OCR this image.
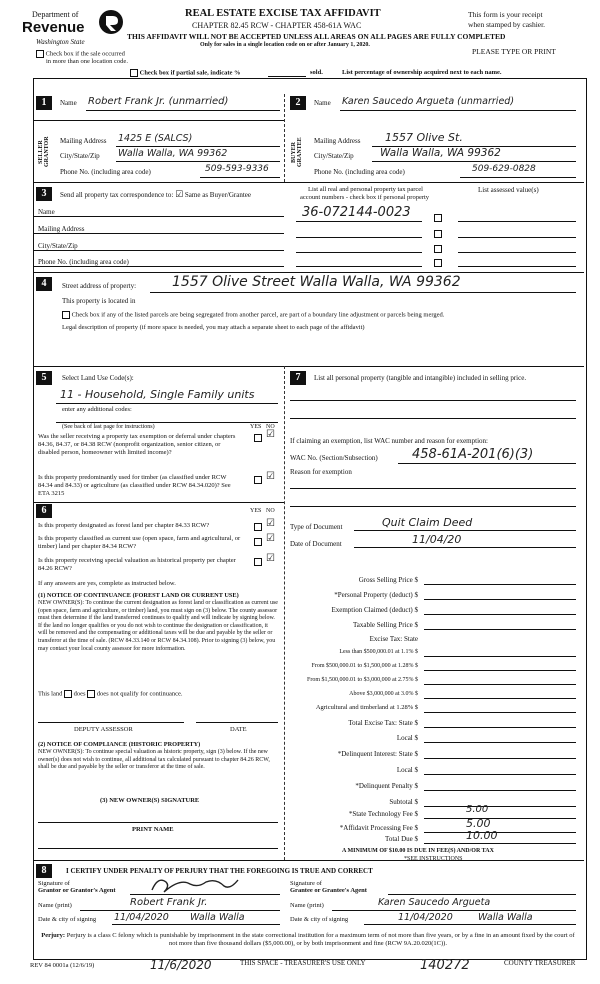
Department of
Revenue
Washington State
REAL ESTATE EXCISE TAX AFFIDAVIT
CHAPTER 82.45 RCW - CHAPTER 458-61A WAC
THIS AFFIDAVIT WILL NOT BE ACCEPTED UNLESS ALL AREAS ON ALL PAGES ARE FULLY COMPLETED
Only for sales in a single location code on or after January 1, 2020.
This form is your receipt
when stamped by cashier.
PLEASE TYPE OR PRINT
Check box if the sale occurred
in more than one location code.
Check box if partial sale, indicate %	sold.	List percentage of ownership acquired next to each name.
1	Name Robert Frank Jr. (unmarried)
SELLER GRANTOR Mailing Address 1425 E (SALCS)
City/State/Zip Walla Walla, WA 99362
Phone No. (including area code)	509-593-9336
2	Name Karen Saucedo Argueta (unmarried)
BUYER GRANTEE Mailing Address 1557 Olive St.
City/State/Zip	Walla Walla, WA 99362
Phone No. (including area code)	509-629-0828
3	Send all property tax correspondence to: ☑ Same as Buyer/Grantee
List all real and personal property tax parcel
account numbers - check box if personal property
List assessed value(s)
36-072144-0023
Name
Mailing Address
City/State/Zip
Phone No. (including area code)
4	Street address of property:	1557 Olive Street Walla Walla, WA 99362
This property is located in
Check box if any of the listed parcels are being segregated from another parcel, are part of a boundary line adjustment or parcels being merged.
Legal description of property (if more space is needed, you may attach a separate sheet to each page of the affidavit)
5	Select Land Use Code(s):
11 - Household, Single Family units
enter any additional codes:
(See back of last page for instructions)	YES NO
Was the seller receiving a property tax exemption or deferral under chapters 84.36, 84.37, or 84.38 RCW (nonprofit organization, senior citizen, or disabled person, homeowner with limited income)?
☑
Is this property predominantly used for timber (as classified under RCW 84.34 and 84.33) or agriculture (as classified under RCW 84.34.020)? See ETA 3215
☑
6	YES NO
Is this property designated as forest land per chapter 84.33 RCW?	☑
Is this property classified as current use (open space, farm and agricultural, or timber) land per chapter 84.34 RCW?
☑
Is this property receiving special valuation as historical property per chapter 84.26 RCW?
☑
If any answers are yes, complete as instructed below.
(1) NOTICE OF CONTINUANCE (FOREST LAND OR CURRENT USE)
NEW OWNER(S): To continue the current designation as forest land or classification as current use (open space, farm and agriculture, or timber) land, you must sign on (3) below. The county assessor must then determine if the land transferred continues to qualify and will indicate by signing below. If the land no longer qualifies or you do not wish to continue the designation or classification, it will be removed and the compensating or additional taxes will be due and payable by the seller or transferor at the time of sale. (RCW 84.33.140 or RCW 84.34.108). Prior to signing (3) below, you may contact your local county assessor for more information.
This land does does not qualify for continuance.
DEPUTY ASSESSOR	DATE
(2) NOTICE OF COMPLIANCE (HISTORIC PROPERTY)
NEW OWNER(S): To continue special valuation as historic property, sign (3) below. If the new owner(s) does not wish to continue, all additional tax calculated pursuant to chapter 84.26 RCW, shall be due and payable by the seller or transferor at the time of sale.
(3) NEW OWNER(S) SIGNATURE
PRINT NAME
7	List all personal property (tangible and intangible) included in selling price.
If claiming an exemption, list WAC number and reason for exemption:
WAC No. (Section/Subsection)	458-61A-201(6)(3)
Reason for exemption
Type of Document	Quit Claim Deed
Date of Document	11/04/20
Gross Selling Price $
*Personal Property (deduct) $
Exemption Claimed (deduct) $
Taxable Selling Price $
Excise Tax: State
Less than $500,000.01 at 1.1% $
From $500,000.01 to $1,500,000 at 1.28% $
From $1,500,000.01 to $3,000,000 at 2.75% $
Above $3,000,000 at 3.0% $
Agricultural and timberland at 1.28% $
Total Excise Tax: State $
Local $
*Delinquent Interest: State $
Local $
*Delinquent Penalty $
Subtotal $
*State Technology Fee $	5.00
*Affidavit Processing Fee $	5.00
Total Due $	10.00
A MINIMUM OF $10.00 IS DUE IN FEE(S) AND/OR TAX
*SEE INSTRUCTIONS
8	I CERTIFY UNDER PENALTY OF PERJURY THAT THE FOREGOING IS TRUE AND CORRECT
Signature of
Grantor or Grantor's Agent
Signature of
Grantee or Grantee's Agent
Name (print)	Robert Frank Jr.	Name (print)	Karen Saucedo Argueta
Date & city of signing 11/04/2020 Walla Walla	Date & city of signing	11/04/2020	Walla Walla
Perjury: Perjury is a class C felony which is punishable by imprisonment in the state correctional institution for a maximum term of not more than five years, or by a fine in an amount fixed by the court of not more than five thousand dollars ($5,000.00), or by both imprisonment and fine (RCW 9A.20.020(1C)).
REV 84 0001a (12/6/19)	11/6/2020	THIS SPACE - TREASURER'S USE ONLY	140272	COUNTY TREASURER
